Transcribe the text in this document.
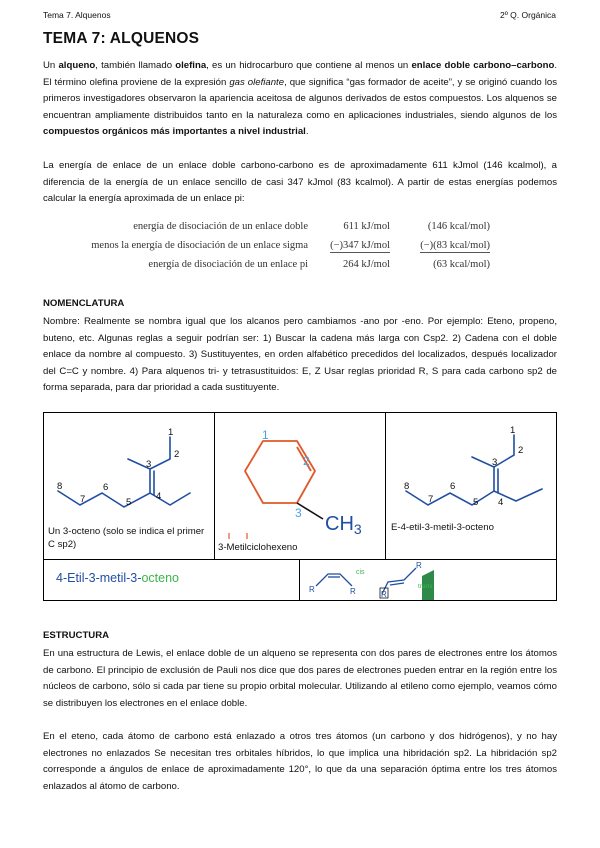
Tema 7. Alquenos	2º Q. Orgánica
TEMA 7: ALQUENOS

Un alqueno, también llamado olefina, es un hidrocarburo que contiene al menos un enlace doble carbono–carbono. El término olefina proviene de la expresión gas olefiante, que significa “gas formador de aceite”, y se originó cuando los primeros investigadores observaron la apariencia aceitosa de algunos derivados de estos compuestos. Los alquenos se encuentran ampliamente distribuidos tanto en la naturaleza como en aplicaciones industriales, siendo algunos de los compuestos orgánicos más importantes a nivel industrial.

La energía de enlace de un enlace doble carbono-carbono es de aproximadamente 611 kJmol (146 kcalmol), a diferencia de la energía de un enlace sencillo de casi 347 kJmol (83 kcalmol). A partir de estas energías podemos calcular la energía aproximada de un enlace pi:

energía de disociación de un enlace doble	611 kJ/mol	(146 kcal/mol)
menos la energía de disociación de un enlace sigma (−)347 kJ/mol	(−)(83 kcal/mol)
energía de disociación de un enlace pi	264 kJ/mol	(63 kcal/mol)
NOMENCLATURA

Nombre: Realmente se nombra igual que los alcanos pero cambiamos -ano por -eno. Por ejemplo: Eteno, propeno, buteno, etc. Algunas reglas a seguir podrían ser: 1) Buscar la cadena más larga con Csp2. 2) Cadena con el doble enlace da nombre al compuesto. 3) Sustituyentes, en orden alfabético precedidos del localizados, después localizador del C=C y nombre. 4) Para alquenos tri- y tetrasustituidos: E, Z Usar reglas prioridad R, S para cada carbono sp2 de forma separada, para dar prioridad a cada sustituyente.

1
2
3
4
5
6
7
8
Un 3-octeno (solo se indica el primer C sp2)
1
2
3 $CH_3$
3-Metilciclohexeno
1
2
3
4
5
6
7
8
E-4-etil-3-metil-3-octeno
4-Etil-3-metil-3-octeno
R	R	R
R
cis
trans
ESTRUCTURA

En una estructura de Lewis, el enlace doble de un alqueno se representa con dos pares de electrones entre los átomos de carbono. El principio de exclusión de Pauli nos dice que dos pares de electrones pueden entrar en la región entre los núcleos de carbono, sólo si cada par tiene su propio orbital molecular. Utilizando al etileno como ejemplo, veamos cómo se distribuyen los electrones en el enlace doble.

En el eteno, cada átomo de carbono está enlazado a otros tres átomos (un carbono y dos hidrógenos), y no hay electrones no enlazados Se necesitan tres orbitales híbridos, lo que implica una hibridación sp2. La hibridación sp2 corresponde a ángulos de enlace de aproximadamente 120°, lo que da una separación óptima entre los tres átomos enlazados al átomo de carbono.
